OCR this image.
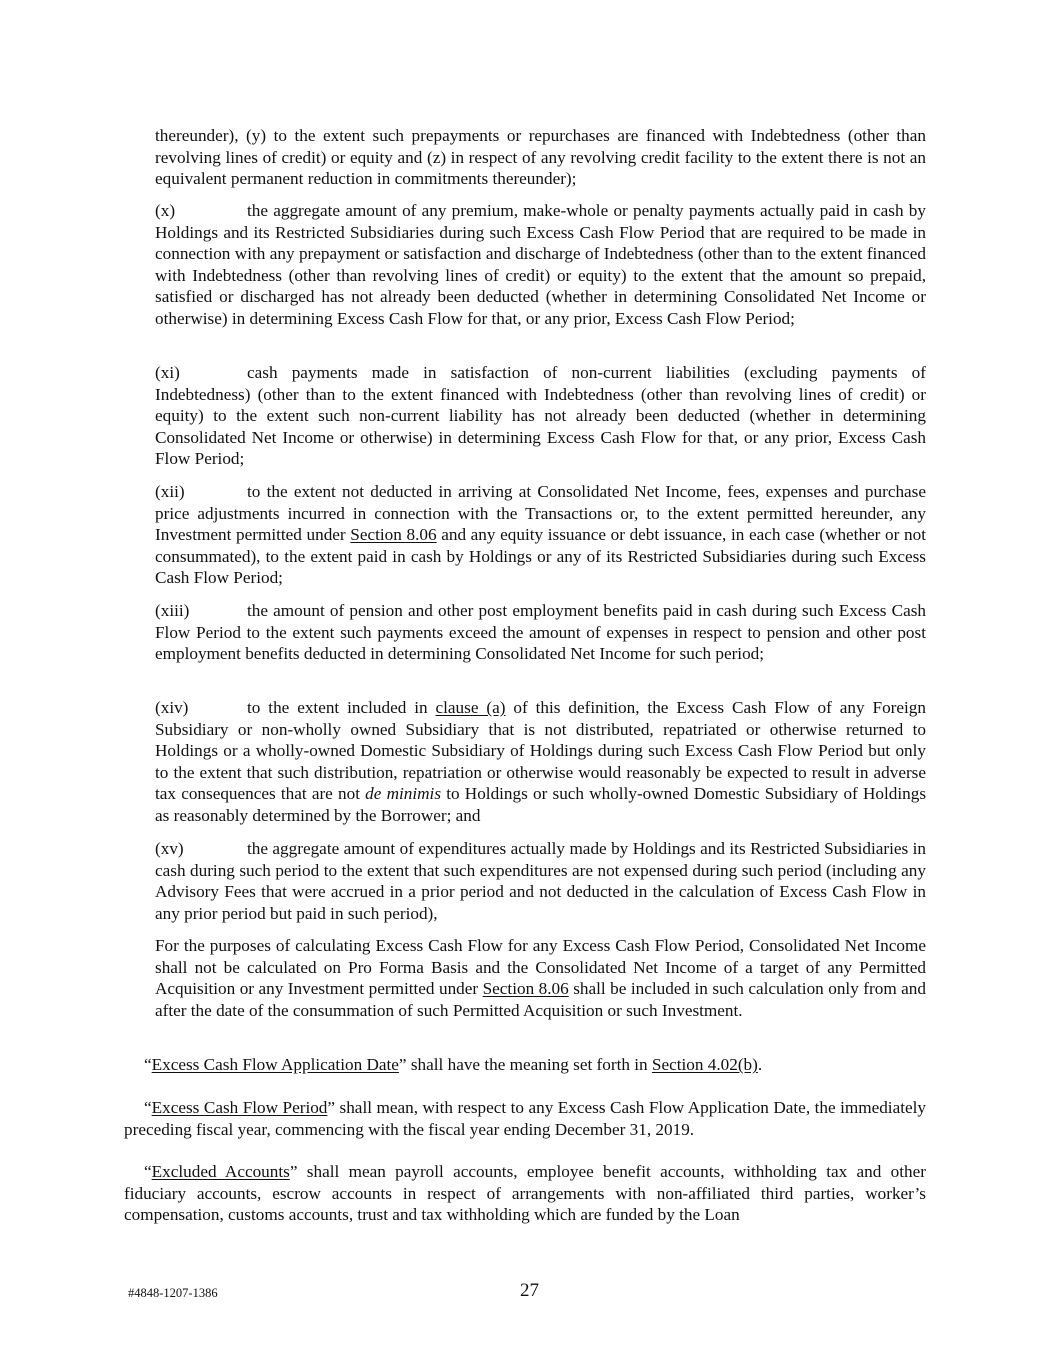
thereunder), (y) to the extent such prepayments or repurchases are financed with Indebtedness (other than revolving lines of credit) or equity and (z) in respect of any revolving credit facility to the extent there is not an equivalent permanent reduction in commitments thereunder);

(x)	the aggregate amount of any premium, make-whole or penalty payments actually paid in cash by Holdings and its Restricted Subsidiaries during such Excess Cash Flow Period that are required to be made in connection with any prepayment or satisfaction and discharge of Indebtedness (other than to the extent financed with Indebtedness (other than revolving lines of credit) or equity) to the extent that the amount so prepaid, satisfied or discharged has not already been deducted (whether in determining Consolidated Net Income or otherwise) in determining Excess Cash Flow for that, or any prior, Excess Cash Flow Period;

(xi)	cash payments made in satisfaction of non-current liabilities (excluding payments of Indebtedness) (other than to the extent financed with Indebtedness (other than revolving lines of credit) or equity) to the extent such non-current liability has not already been deducted (whether in determining Consolidated Net Income or otherwise) in determining Excess Cash Flow for that, or any prior, Excess Cash Flow Period;

(xii)	to the extent not deducted in arriving at Consolidated Net Income, fees, expenses and purchase price adjustments incurred in connection with the Transactions or, to the extent permitted hereunder, any Investment permitted under Section 8.06 and any equity issuance or debt issuance, in each case (whether or not consummated), to the extent paid in cash by Holdings or any of its Restricted Subsidiaries during such Excess Cash Flow Period;

(xiii)	the amount of pension and other post employment benefits paid in cash during such Excess Cash Flow Period to the extent such payments exceed the amount of expenses in respect to pension and other post employment benefits deducted in determining Consolidated Net Income for such period;

(xiv)	to the extent included in clause (a) of this definition, the Excess Cash Flow of any Foreign Subsidiary or non-wholly owned Subsidiary that is not distributed, repatriated or otherwise returned to Holdings or a wholly-owned Domestic Subsidiary of Holdings during such Excess Cash Flow Period but only to the extent that such distribution, repatriation or otherwise would reasonably be expected to result in adverse tax consequences that are not de minimis to Holdings or such wholly-owned Domestic Subsidiary of Holdings as reasonably determined by the Borrower; and

(xv)	the aggregate amount of expenditures actually made by Holdings and its Restricted Subsidiaries in cash during such period to the extent that such expenditures are not expensed during such period (including any Advisory Fees that were accrued in a prior period and not deducted in the calculation of Excess Cash Flow in any prior period but paid in such period),

For the purposes of calculating Excess Cash Flow for any Excess Cash Flow Period, Consolidated Net Income shall not be calculated on Pro Forma Basis and the Consolidated Net Income of a target of any Permitted Acquisition or any Investment permitted under Section 8.06 shall be included in such calculation only from and after the date of the consummation of such Permitted Acquisition or such Investment.

“Excess Cash Flow Application Date” shall have the meaning set forth in Section 4.02(b).

“Excess Cash Flow Period” shall mean, with respect to any Excess Cash Flow Application Date, the immediately preceding fiscal year, commencing with the fiscal year ending December 31, 2019.

“Excluded Accounts” shall mean payroll accounts, employee benefit accounts, withholding tax and other fiduciary accounts, escrow accounts in respect of arrangements with non-affiliated third parties, worker’s compensation, customs accounts, trust and tax withholding which are funded by the Loan

#4848-1207-1386	27
